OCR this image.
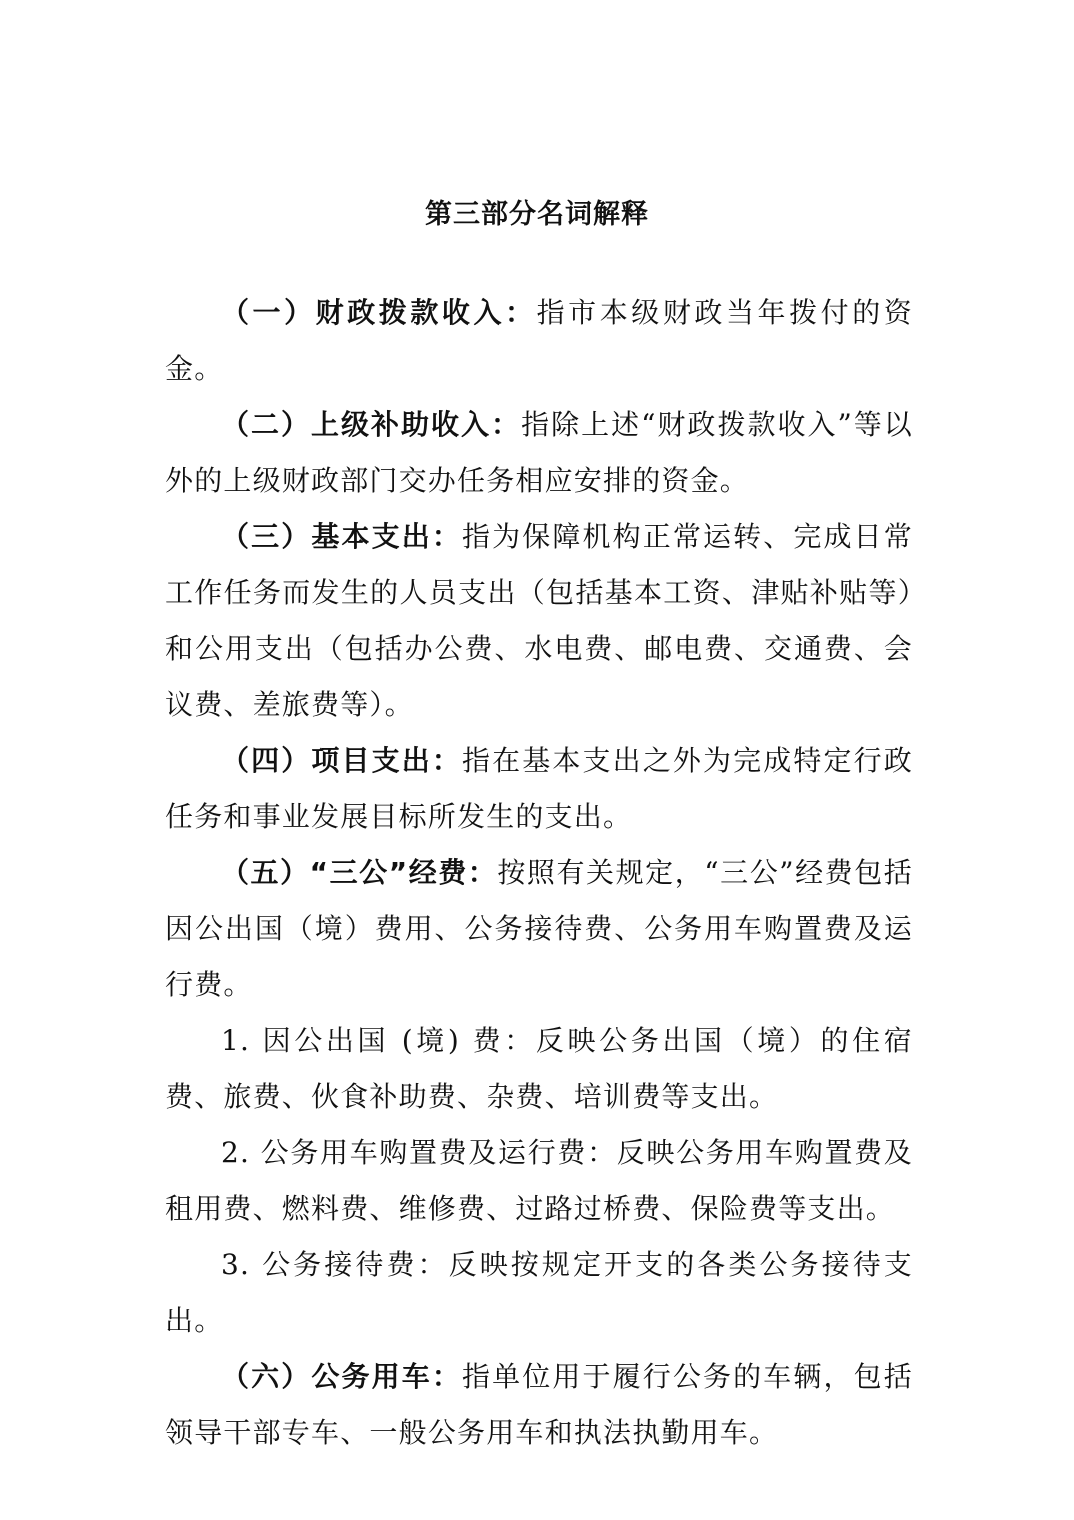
第三部分名词解释

（一）财政拨款收入：指市本级财政当年拨付的资金。

（二）上级补助收入：指除上述“财政拨款收入”等以外的上级财政部门交办任务相应安排的资金。

（三）基本支出：指为保障机构正常运转、完成日常工作任务而发生的人员支出（包括基本工资、津贴补贴等）和公用支出（包括办公费、水电费、邮电费、交通费、会议费、差旅费等）。

（四）项目支出：指在基本支出之外为完成特定行政任务和事业发展目标所发生的支出。

（五）“三公”经费：按照有关规定，“三公”经费包括因公出国（境）费用、公务接待费、公务用车购置费及运行费。

1. 因公出国 (境) 费：反映公务出国（境）的住宿费、旅费、伙食补助费、杂费、培训费等支出。

2. 公务用车购置费及运行费：反映公务用车购置费及租用费、燃料费、维修费、过路过桥费、保险费等支出。

3. 公务接待费：反映按规定开支的各类公务接待支出。

（六）公务用车：指单位用于履行公务的车辆，包括领导干部专车、一般公务用车和执法执勤用车。
